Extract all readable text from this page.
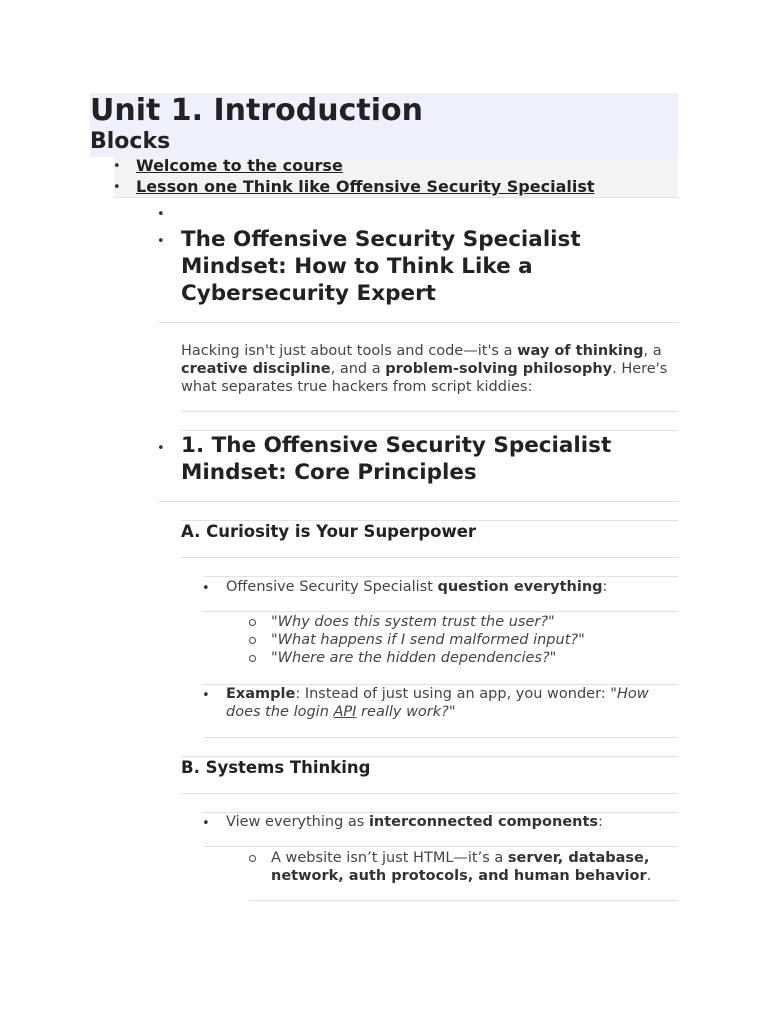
Unit 1. Introduction
Blocks
• Welcome to the course
• Lesson one Think like Offensive Security Specialist
•
• The Offensive Security Specialist Mindset: How to Think Like a Cybersecurity Expert
Hacking isn't just about tools and code—it's a way of thinking, a creative discipline, and a problem-solving philosophy. Here's what separates true hackers from script kiddies:
• 1. The Offensive Security Specialist Mindset: Core Principles
A. Curiosity is Your Superpower
• Offensive Security Specialist question everything:
"Why does this system trust the user?"
"What happens if I send malformed input?"
"Where are the hidden dependencies?"
• Example: Instead of just using an app, you wonder: "How does the login API really work?"
B. Systems Thinking
• View everything as interconnected components:
A website isn’t just HTML—it’s a server, database, network, auth protocols, and human behavior.
